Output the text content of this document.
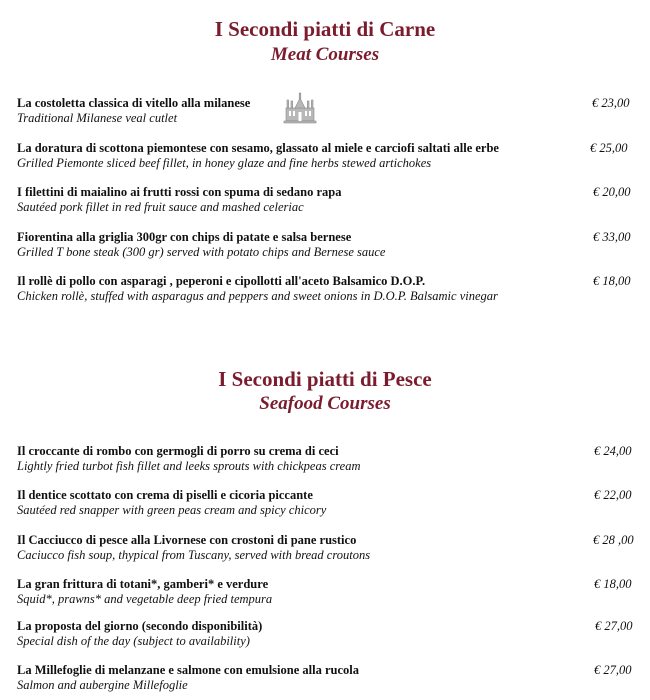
I Secondi piatti di Carne
Meat Courses
La costoletta classica di vitello alla milanese
Traditional Milanese veal cutlet
€ 23,00
La doratura di scottona piemontese con sesamo, glassato al miele e carciofi saltati alle erbe
Grilled Piemonte sliced beef fillet, in honey glaze and fine herbs stewed artichokes
€ 25,00
I filettini di maialino ai frutti rossi con spuma di sedano rapa
Sautéed pork fillet in red fruit sauce and mashed celeriac
€ 20,00
Fiorentina alla griglia 300gr con chips di patate e salsa bernese
Grilled T bone steak (300 gr) served with potato chips and Bernese sauce
€ 33,00
Il rollè di pollo con asparagi , peperoni e cipollotti all'aceto Balsamico D.O.P.
Chicken rollè, stuffed with asparagus and peppers and sweet onions in D.O.P. Balsamic vinegar
€ 18,00
I Secondi piatti di Pesce
Seafood Courses
Il croccante di rombo con germogli di porro su crema di ceci
Lightly fried turbot fish fillet and leeks sprouts with chickpeas cream
€ 24,00
Il dentice scottato con crema di piselli e cicoria piccante
Sautéed red snapper with green peas cream and spicy chicory
€ 22,00
Il Cacciucco di pesce alla Livornese con crostoni di pane rustico
Caciucco fish soup, thypical from Tuscany, served with bread croutons
€ 28 ,00
La gran frittura di totani*, gamberi* e verdure
Squid*, prawns* and vegetable deep fried tempura
€ 18,00
La proposta del giorno (secondo disponibilità)
Special dish of the day (subject to availability)
€ 27,00
La Millefoglie di melanzane e salmone con emulsione alla rucola
Salmon and aubergine Millefoglie
€ 27,00
